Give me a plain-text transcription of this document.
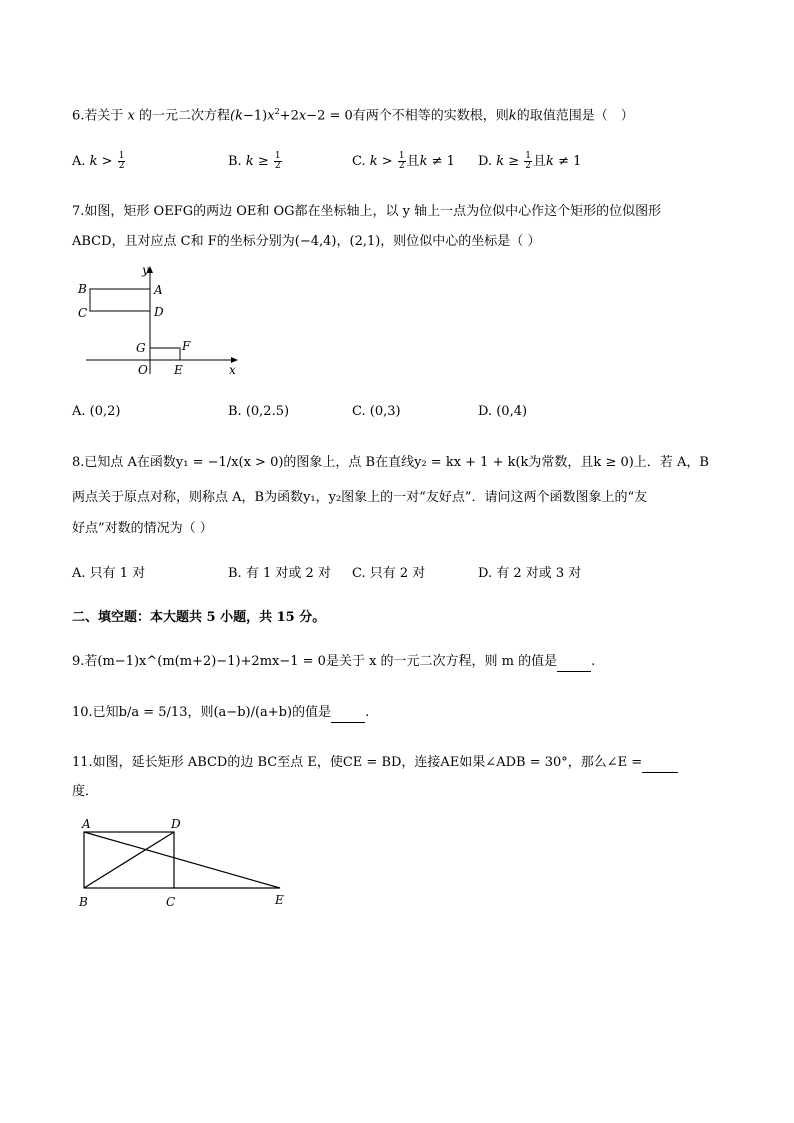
6.若关于 x 的一元二次方程$(k-1)x^2+2x-2 = 0$有两个不相等的实数根，则k的取值范围是（　）
A. $k > \frac{1}{2}$	B. $k \ge \frac{1}{2}$	C. $k > \frac{1}{2}$ 且k ≠ 1 D. $k \ge \frac{1}{2}$ 且k ≠ 1
7.如图，矩形 OEFG的两边 OE和 OG都在坐标轴上，以 y 轴上一点为位似中心作这个矩形的位似图形
ABCD，且对应点 C和 F的坐标分别为(−4,4)，(2,1)，则位似中心的坐标是（ ）
y
x
A
B
C	D
G	F
O E
A. (0,2)	B. (0,2.5)	C. (0,3)	D. (0,4)
8.已知点 A在函数y₁ = −1/x(x > 0)的图象上，点 B在直线y₂ = kx + 1 + k(k为常数，且k ≥ 0)上．若 A，B
两点关于原点对称，则称点 A，B为函数y₁，y₂图象上的一对“友好点”．请问这两个函数图象上的“友
好点”对数的情况为（ ）
A. 只有 1 对	B. 有 1 对或 2 对 C. 只有 2 对	D. 有 2 对或 3 对
二、填空题：本大题共 5 小题，共 15 分。
9.若(m−1)x^(m(m+2)−1)+2mx−1 = 0是关于 x 的一元二次方程，则 m 的值是	.
10.已知b/a = 5/13，则(a−b)/(a+b)的值是	.
11.如图，延长矩形 ABCD的边 BC至点 E，使CE = BD，连接AE如果∠ADB = 30°，那么∠E =
度．
A	D
B	C	E
